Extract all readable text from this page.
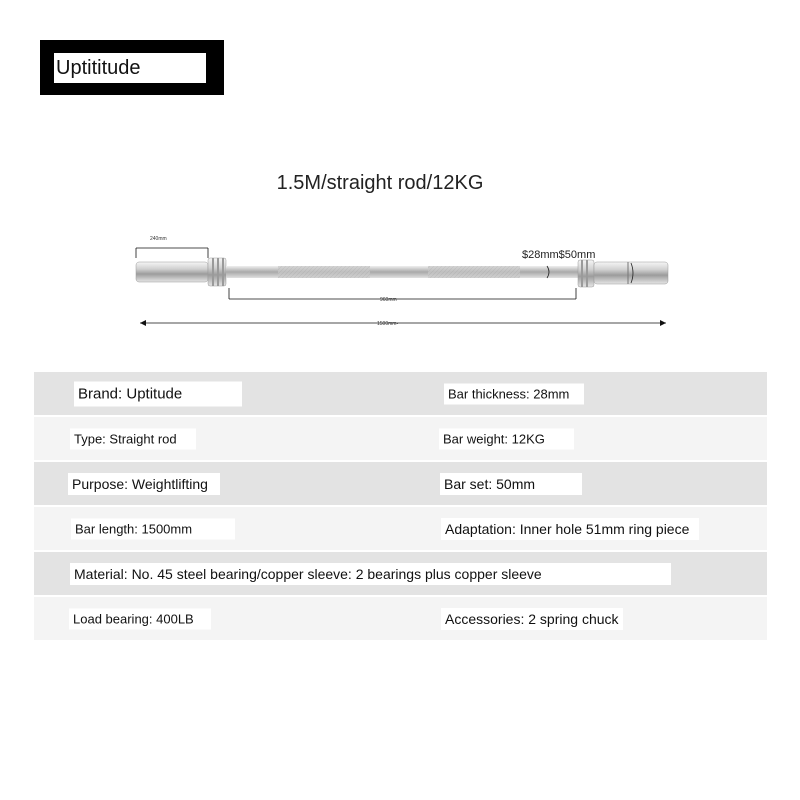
Uptititude
1.5M/straight rod/12KG
240mm
960mm
1500mm-
$28mm$50mm
Brand: Uptitude	Bar thickness: 28mm
Type: Straight rod	Bar weight: 12KG
Purpose: Weightlifting	Bar set: 50mm
Bar length: 1500mm	Adaptation: Inner hole 51mm ring piece
Material: No. 45 steel bearing/copper sleeve: 2 bearings plus copper sleeve
Load bearing: 400LB	Accessories: 2 spring chuck
